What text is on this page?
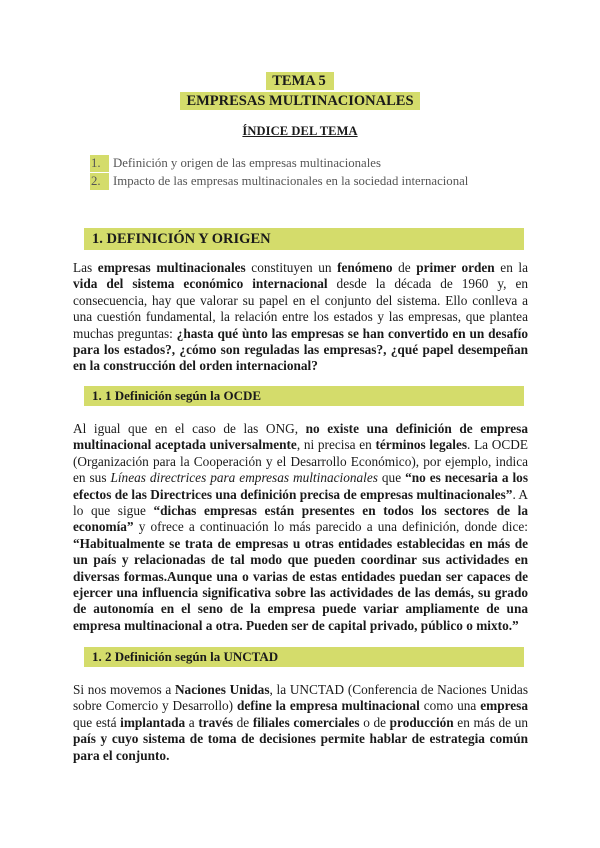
TEMA 5
EMPRESAS MULTINACIONALES
ÍNDICE DEL TEMA
1. Definición y origen de las empresas multinacionales
2. Impacto de las empresas multinacionales en la sociedad internacional
1. DEFINICIÓN Y ORIGEN
Las empresas multinacionales constituyen un fenómeno de primer orden en la vida del sistema económico internacional desde la década de 1960 y, en consecuencia, hay que valorar su papel en el conjunto del sistema. Ello conlleva a una cuestión fundamental, la relación entre los estados y las empresas, que plantea muchas preguntas: ¿hasta qué ùnto las empresas se han convertido en un desafío para los estados?, ¿cómo son reguladas las empresas?, ¿qué papel desempeñan en la construcción del orden internacional?
1. 1 Definición según la OCDE
Al igual que en el caso de las ONG, no existe una definición de empresa multinacional aceptada universalmente, ni precisa en términos legales. La OCDE (Organización para la Cooperación y el Desarrollo Económico), por ejemplo, indica en sus Líneas directrices para empresas multinacionales que “no es necesaria a los efectos de las Directrices una definición precisa de empresas multinacionales”. A lo que sigue “dichas empresas están presentes en todos los sectores de la economía” y ofrece a continuación lo más parecido a una definición, donde dice: “Habitualmente se trata de empresas u otras entidades establecidas en más de un país y relacionadas de tal modo que pueden coordinar sus actividades en diversas formas.Aunque una o varias de estas entidades puedan ser capaces de ejercer una influencia significativa sobre las actividades de las demás, su grado de autonomía en el seno de la empresa puede variar ampliamente de una empresa multinacional a otra. Pueden ser de capital privado, público o mixto.”
1. 2 Definición según la UNCTAD
Si nos movemos a Naciones Unidas, la UNCTAD (Conferencia de Naciones Unidas sobre Comercio y Desarrollo) define la empresa multinacional como una empresa que está implantada a través de filiales comerciales o de producción en más de un país y cuyo sistema de toma de decisiones permite hablar de estrategia común para el conjunto.
